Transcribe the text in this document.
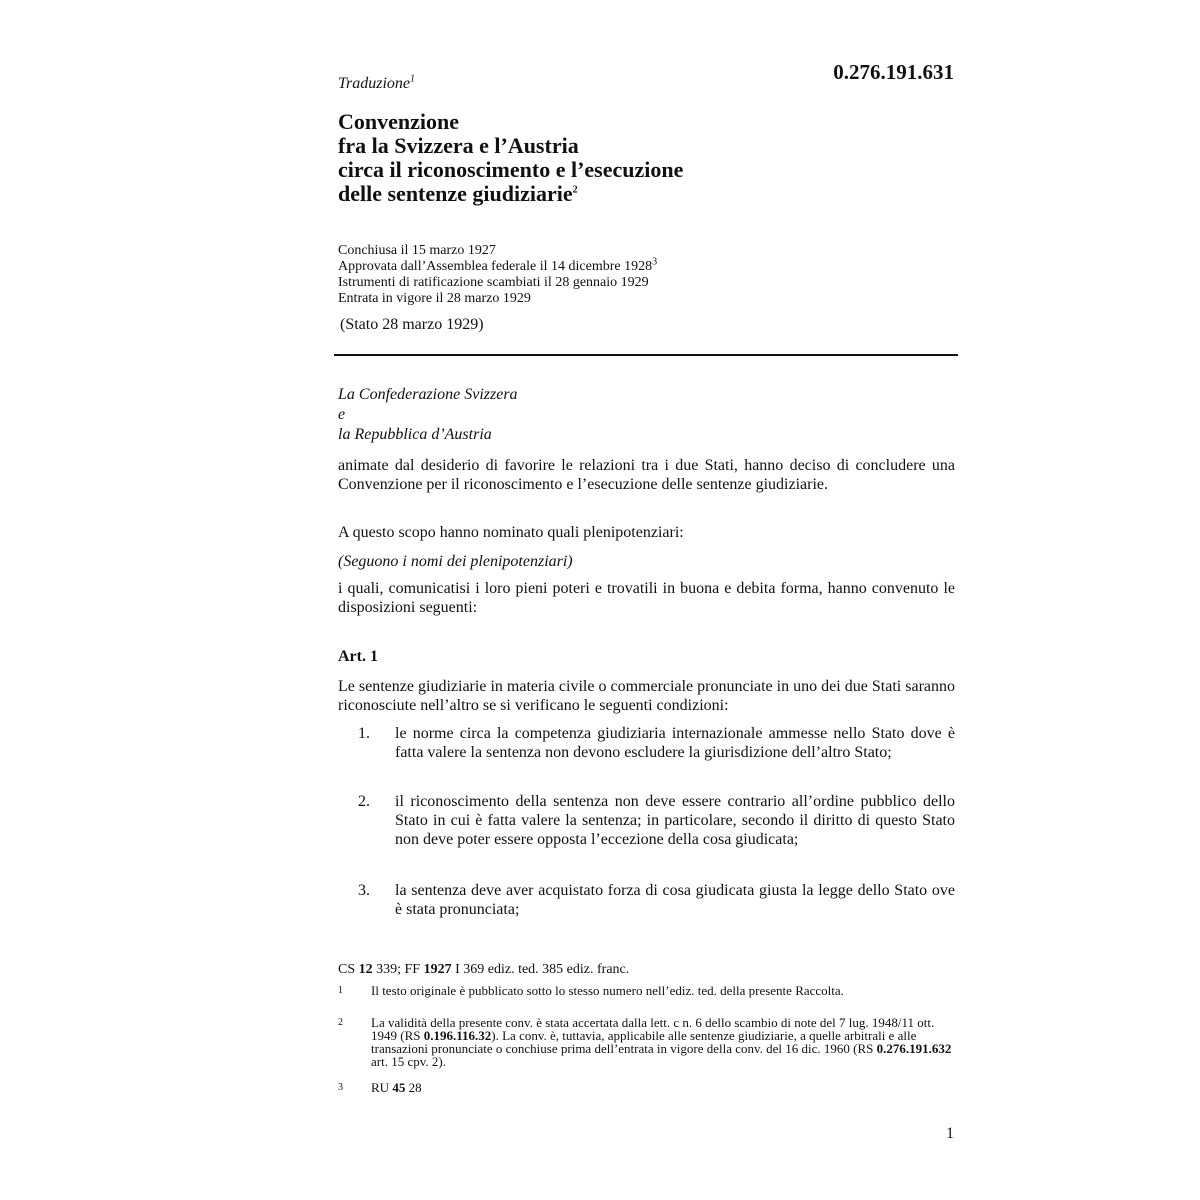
0.276.191.631
Traduzione$^1$
Convenzione
fra la Svizzera e l’Austria
circa il riconoscimento e l’esecuzione
delle sentenze giudiziarie$^2$
Conchiusa il 15 marzo 1927
Approvata dall’Assemblea federale il 14 dicembre 1928$^3$
Istrumenti di ratificazione scambiati il 28 gennaio 1929
Entrata in vigore il 28 marzo 1929
(Stato 28 marzo 1929)
La Confederazione Svizzera
e
la Repubblica d’Austria
animate dal desiderio di favorire le relazioni tra i due Stati, hanno deciso di concludere una Convenzione per il riconoscimento e l’esecuzione delle sentenze giudiziarie.
A questo scopo hanno nominato quali plenipotenziari:
(Seguono i nomi dei plenipotenziari)
i quali, comunicatisi i loro pieni poteri e trovatili in buona e debita forma, hanno convenuto le disposizioni seguenti:
Art. 1
Le sentenze giudiziarie in materia civile o commerciale pronunciate in uno dei due Stati saranno riconosciute nell’altro se si verificano le seguenti condizioni:
1. le norme circa la competenza giudiziaria internazionale ammesse nello Stato dove è fatta valere la sentenza non devono escludere la giurisdizione dell’altro Stato;
2. il riconoscimento della sentenza non deve essere contrario all’ordine pubblico dello Stato in cui è fatta valere la sentenza; in particolare, secondo il diritto di questo Stato non deve poter essere opposta l’eccezione della cosa giudicata;
3. la sentenza deve aver acquistato forza di cosa giudicata giusta la legge dello Stato ove è stata pronunciata;
CS 12 339; FF 1927 I 369 ediz. ted. 385 ediz. franc.
1 Il testo originale è pubblicato sotto lo stesso numero nell’ediz. ted. della presente Raccolta.
2 La validità della presente conv. è stata accertata dalla lett. c n. 6 dello scambio di note del 7 lug. 1948/11 ott. 1949 (RS 0.196.116.32). La conv. è, tuttavia, applicabile alle sentenze giudiziarie, a quelle arbitrali e alle transazioni pronunciate o conchiuse prima dell’entrata in vigore della conv. del 16 dic. 1960 (RS 0.276.191.632 art. 15 cpv. 2).
3 RU 45 28
1
